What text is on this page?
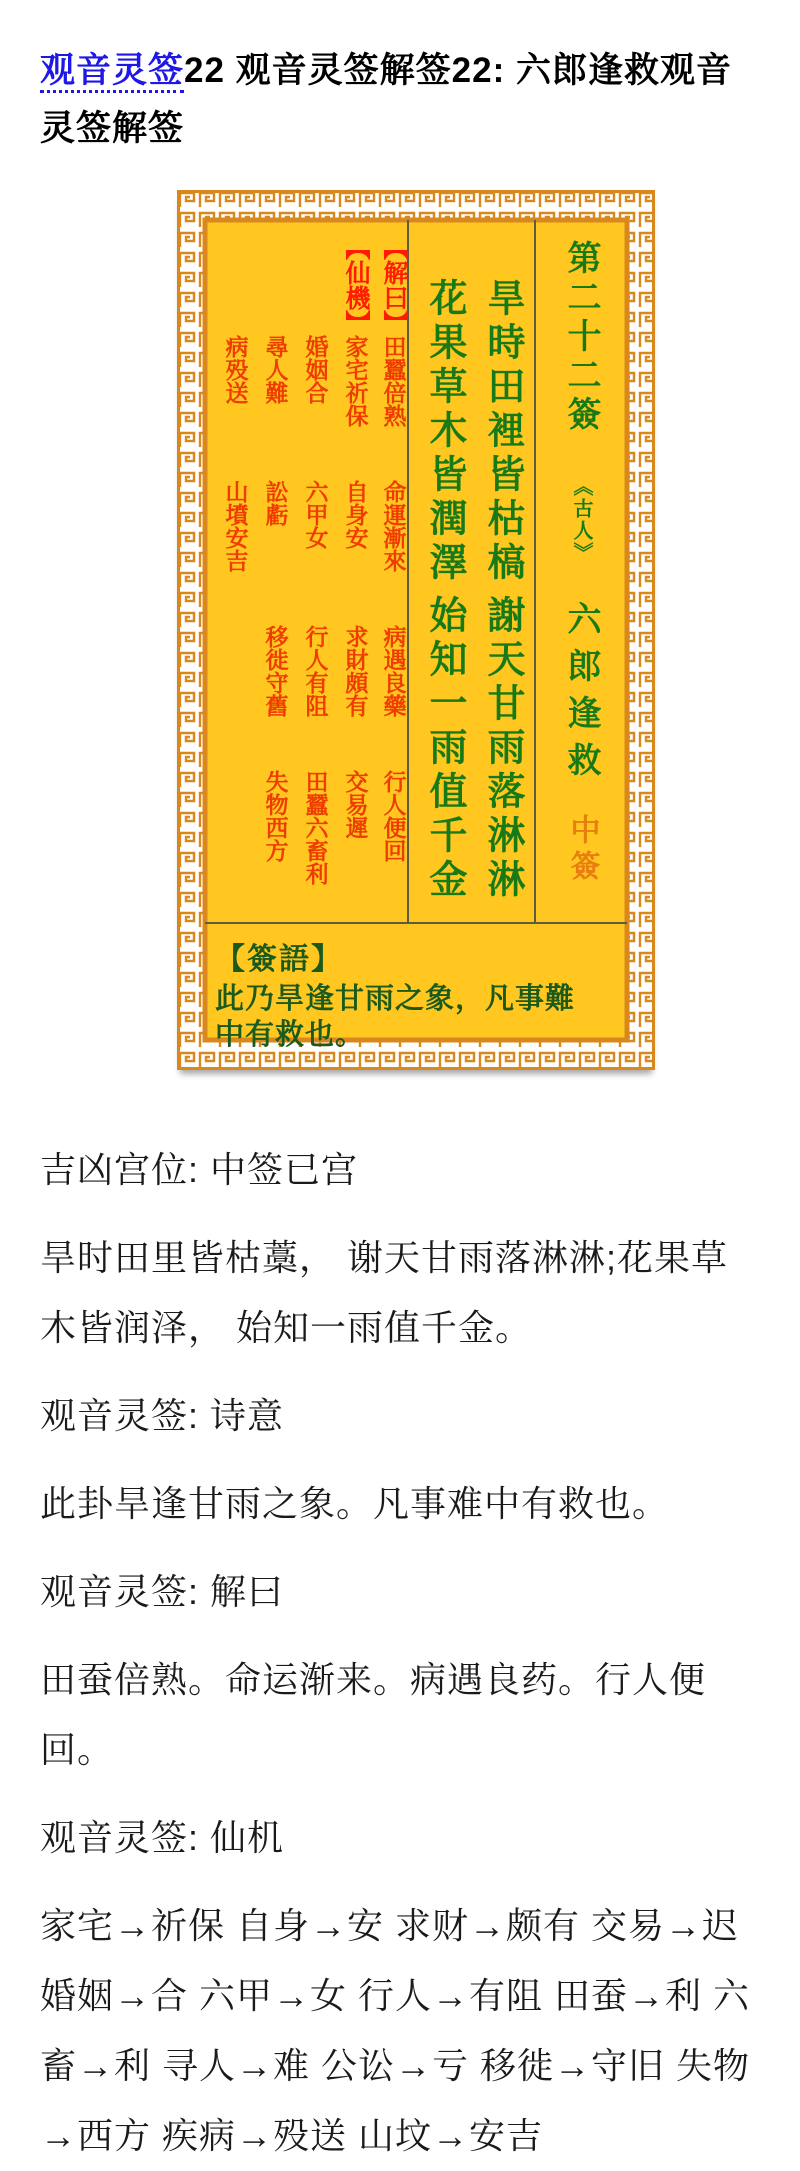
观音灵签22 观音灵签解签22: 六郎逢救观音灵签解签
第二十二簽
《古人》
六郎逢救
中簽
旱時田裡皆枯槁
謝天甘雨落淋淋
花果草木皆潤澤
始知一雨值千金
【解曰】
田蠶倍熟
命運漸來
病遇良藥
行人便回
【仙機】
家宅祈保
自身安
求財頗有
交易遲
婚姻合
六甲女
行人有阻
田蠶六畜利
尋人難
訟虧
移徙守舊
失物西方
病殁送
山墳安吉
【簽語】
此乃旱逢甘雨之象，凡事難中有救也。

吉凶宫位: 中签已宫

旱时田里皆枯藁， 谢天甘雨落淋淋;花果草木皆润泽， 始知一雨值千金。

观音灵签: 诗意

此卦旱逢甘雨之象。凡事难中有救也。

观音灵签: 解曰

田蚕倍熟。命运渐来。病遇良药。行人便回。

观音灵签: 仙机

家宅→祈保 自身→安 求财→颇有 交易→迟 婚姻→合 六甲→女 行人→有阻 田蚕→利 六畜→利 寻人→难 公讼→亏 移徙→守旧 失物→西方 疾病→殁送 山坟→安吉
